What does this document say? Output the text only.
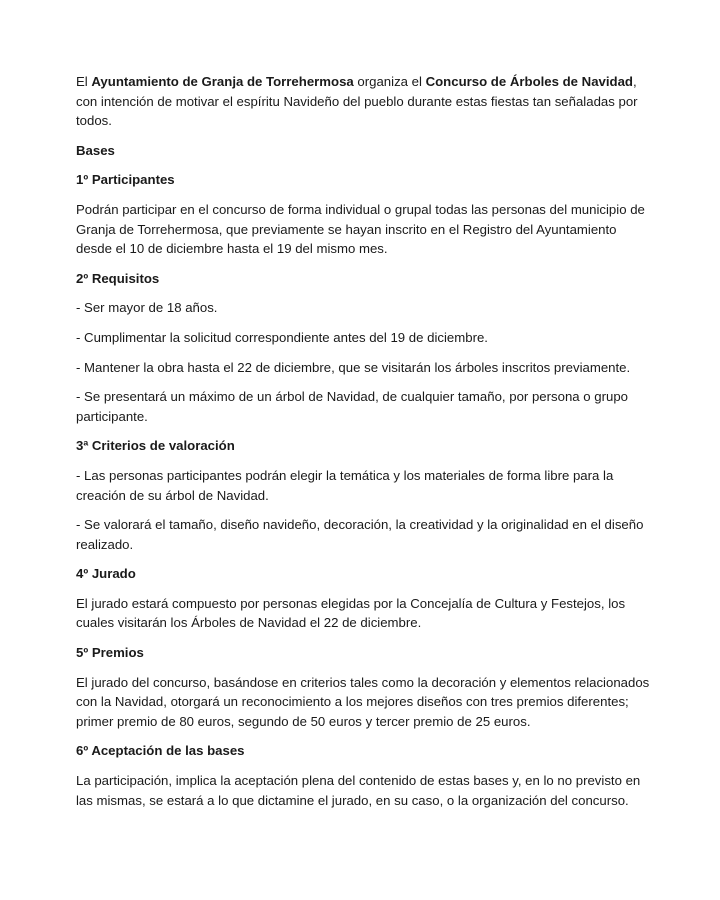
El Ayuntamiento de Granja de Torrehermosa organiza el Concurso de Árboles de Navidad, con intención de motivar el espíritu Navideño del pueblo durante estas fiestas tan señaladas por todos.

Bases

1º Participantes

Podrán participar en el concurso de forma individual o grupal todas las personas del municipio de Granja de Torrehermosa, que previamente se hayan inscrito en el Registro del Ayuntamiento desde el 10 de diciembre hasta el 19 del mismo mes.

2º Requisitos

- Ser mayor de 18 años.

- Cumplimentar la solicitud correspondiente antes del 19 de diciembre.

- Mantener la obra hasta el 22 de diciembre, que se visitarán los árboles inscritos previamente.

- Se presentará un máximo de un árbol de Navidad, de cualquier tamaño, por persona o grupo participante.

3ª Criterios de valoración

- Las personas participantes podrán elegir la temática y los materiales de forma libre para la creación de su árbol de Navidad.

- Se valorará el tamaño, diseño navideño, decoración, la creatividad y la originalidad en el diseño realizado.

4º Jurado

El jurado estará compuesto por personas elegidas por la Concejalía de Cultura y Festejos, los cuales visitarán los Árboles de Navidad el 22 de diciembre.

5º Premios

El jurado del concurso, basándose en criterios tales como la decoración y elementos relacionados con la Navidad, otorgará un reconocimiento a los mejores diseños con tres premios diferentes; primer premio de 80 euros, segundo de 50 euros y tercer premio de 25 euros.

6º Aceptación de las bases

La participación, implica la aceptación plena del contenido de estas bases y, en lo no previsto en las mismas, se estará a lo que dictamine el jurado, en su caso, o la organización del concurso.
